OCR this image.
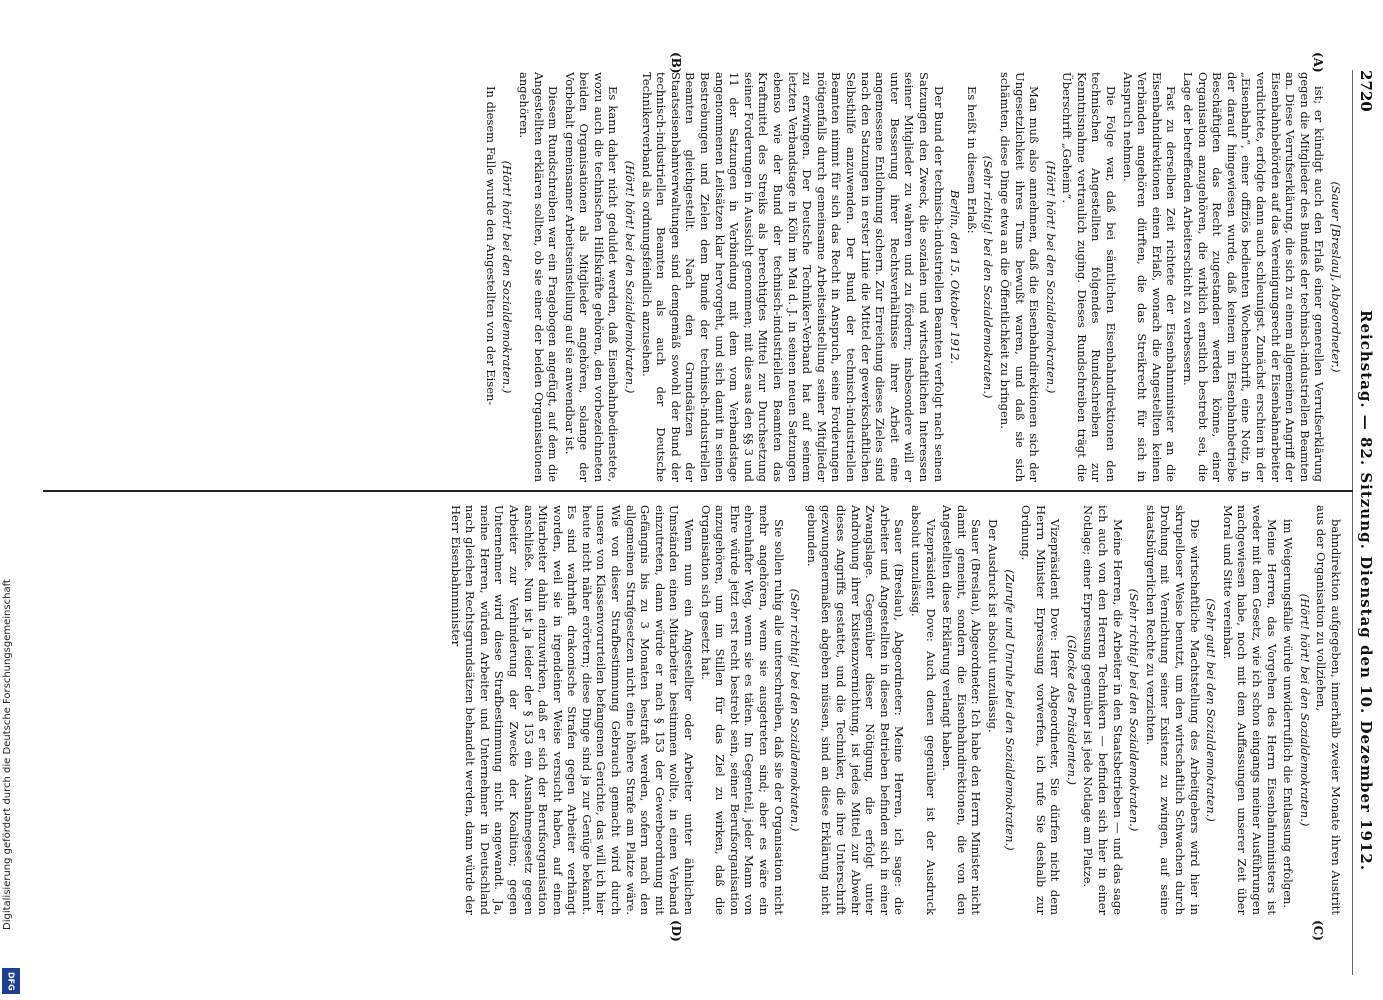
Digitalisierung gefördert durch die Deutsche Forschungsgemeinschaft
DFG
2720
Reichstag. — 82. Sitzung. Dienstag den 10. Dezember 1912.
(A)
(B)
(C)
(D)

(Sauer [Breslau], Abgeordneter.)

ist; er kündigt auch den Erlaß einer generellen Verrufserklärung gegen die Mitglieder des Bundes der technisch-industriellen Beamten an. Diese Verrufserklärung, die sich zu einem allgemeinen Angriff der Eisenbahnbehörden auf das Vereinigungsrecht der Eisenbahnarbeiter verdichtete, erfolgte dann auch schleunigst. Zunächst erschien in der „Eisenbahn“, einer offiziös bedienten Wochenschrift, eine Notiz, in der darauf hingewiesen wurde, daß keinem im Eisenbahnbetriebe Beschäftigten das Recht zugestanden werden könne, einer Organisation anzugehören, die wirklich ernstlich bestrebt sei, die Lage der betreffenden Arbeiterschicht zu verbessern.

Fast zu derselben Zeit richtete der Eisenbahnminister an die Eisenbahndirektionen einen Erlaß, wonach die Angestellten keinen Verbänden angehören dürften, die das Streikrecht für sich in Anspruch nehmen.

Die Folge war, daß bei sämtlichen Eisenbahndirektionen den technischen Angestellten folgendes Rundschreiben zur Kenntnisnahme vertraulich zuging. Dieses Rundschreiben trägt die Überschrift „Geheim“.

(Hört! hört! bei den Sozialdemokraten.)

Man muß also annehmen, daß die Eisenbahndirektionen sich der Ungesetzlichkeit ihres Tuns bewußt waren, und daß sie sich schämten, diese Dinge etwa an die Öffentlichkeit zu bringen.

(Sehr richtig! bei den Sozialdemokraten.)

Es heißt in diesem Erlaß:

Berlin, den 15. Oktober 1912.

Der Bund der technisch-industriellen Beamten verfolgt nach seinen Satzungen den Zweck, die sozialen und wirtschaftlichen Interessen seiner Mitglieder zu wahren und zu fördern; insbesondere will er unter Besserung ihrer Rechtsverhältnisse ihrer Arbeit eine angemessene Entlohnung sichern. Zur Erreichung dieses Zieles sind nach den Satzungen in erster Linie die Mittel der gewerkschaftlichen Selbsthilfe anzuwenden. Der Bund der technisch-industriellen Beamten nimmt für sich das Recht in Anspruch, seine Forderungen nötigenfalls durch gemeinsame Arbeitseinstellung seiner Mitglieder zu erzwingen. Der Deutsche Techniker-Verband hat auf seinem letzten Verbandstage in Köln im Mai d. J. in seinen neuen Satzungen ebenso wie der Bund der technisch-industriellen Beamten das Kraftmittel des Streiks als berechtigtes Mittel zur Durchsetzung seiner Forderungen in Aussicht genommen; mit dies aus den §§ 3 und 11 der Satzungen in Verbindung mit dem vom Verbandstage angenommenen Leitsätzen klar hervorgeht, und sich damit in seinen Bestrebungen und Zielen dem Bunde der technisch-industriellen Beamten gleichgestellt. Nach den Grundsätzen der Staatseisenbahnverwaltungen sind demgemäß sowohl der Bund der technisch-industriellen Beamten als auch der Deutsche Technikerverband als ordnungsfeindlich anzusehen.

(Hört! hört! bei den Sozialdemokraten.)

Es kann daher nicht geduldet werden, daß Eisenbahnbedienstete, wozu auch die technischen Hilfskräfte gehören, den vorbezeichneten beiden Organisationen als Mitglieder angehören, solange der Vorbehalt gemeinsamer Arbeitseinstellung auf sie anwendbar ist.

Diesem Rundschreiben war ein Fragebogen angefügt, auf dem die Angestellten erklären sollten, ob sie einer der beiden Organisationen angehören.

(Hört! hört! bei den Sozialdemokraten.)

In diesem Falle wurde den Angestellten von der Eisen-

bahndirektion aufgegeben, innerhalb zweier Monate ihren Austritt aus der Organisation zu vollziehen,

(Hört! hört! bei den Sozialdemokraten.)

im Weigerungsfalle würde unwiderruflich die Entlassung erfolgen.

Meine Herren, das Vorgehen des Herrn Eisenbahnministers ist weder mit dem Gesetz, wie ich schon eingangs meiner Ausführungen nachgewiesen habe, noch mit dem Auffassungen unserer Zeit über Moral und Sitte vereinbar.

(Sehr gut! bei den Sozialdemokraten.)

Die wirtschaftliche Machtstellung des Arbeitgebers wird hier in skrupelloser Weise benutzt, um den wirtschaftlich Schwachen durch Drohung mit Vernichtung seiner Existenz zu zwingen, auf seine staatsbürgerlichen Rechte zu verzichten.

(Sehr richtig! bei den Sozialdemokraten.)

Meine Herren, die Arbeiter in den Staatsbetrieben — und das sage ich auch von den Herren Technikern — befinden sich hier in einer Notlage; einer Erpressung gegenüber ist jede Notlage am Platze.

(Glocke des Präsidenten.)

Vizepräsident Dove: Herr Abgeordneter, Sie dürfen nicht dem Herrn Minister Erpressung vorwerfen, ich rufe Sie deshalb zur Ordnung.

(Zurufe und Unruhe bei den Sozialdemokraten.)

Der Ausdruck ist absolut unzulässig.

Sauer (Breslau), Abgeordneter: Ich habe den Herrn Minister nicht damit gemeint, sondern die Eisenbahndirektionen, die von den Angestellten diese Erklärung verlangt haben.

Vizepräsident Dove: Auch denen gegenüber ist der Ausdruck absolut unzulässig.

Sauer (Breslau), Abgeordneter: Meine Herren, ich sage: die Arbeiter und Angestellten in diesen Betrieben befinden sich in einer Zwangslage. Gegenüber dieser Nötigung, die erfolgt unter Androhung ihrer Existenzvernichtung, ist jedes Mittel zur Abwehr dieses Angriffs gestattet, und die Techniker, die ihre Unterschrift gezwungenermaßen abgeben müssen, sind an diese Erklärung nicht gebunden.

(Sehr richtig! bei den Sozialdemokraten.)

Sie sollen ruhig alle unterschreiben, daß sie der Organisation nicht mehr angehören, wenn sie ausgetreten sind; aber es wäre ein ehrenhafter Weg, wenn sie es täten. Im Gegenteil, jeder Mann von Ehre würde jetzt erst recht bestrebt sein, seiner Berufsorganisation anzugehören, um im Stillen für das Ziel zu wirken, daß die Organisation sich gesetzt hat.

Wenn nun ein Angestellter oder Arbeiter unter ähnlichen Umständen einen Mitarbeiter bestimmen wollte, in einen Verband einzutreten, dann würde er nach § 153 der Gewerbeordnung mit Gefängnis bis zu 3 Monaten bestraft werden, sofern nach den allgemeinen Strafgesetzen nicht eine höhere Strafe am Platze wäre. Wie von dieser Strafbestimmung Gebrauch gemacht wird durch unsere von Klassenvorurteilen befangenen Gerichte, das will ich hier heute nicht näher erörtern; diese Dinge sind ja zur Genüge bekannt. Es sind wahrhaft drakonische Strafen gegen Arbeiter verhängt worden, weil sie in irgendeiner Weise versucht haben, auf einen Mitarbeiter dahin einzuwirken, daß er sich der Berufsorganisation anschließe. Nun ist ja leider der § 153 ein Ausnahmegesetz gegen Arbeiter zur Verhinderung der Zwecke der Koalition; gegen Unternehmer wird diese Strafbestimmung nicht angewandt. Ja, meine Herren, würden Arbeiter und Unternehmer in Deutschland nach gleichen Rechtsgrundsätzen behandelt werden, dann würde der Herr Eisenbahnminister
